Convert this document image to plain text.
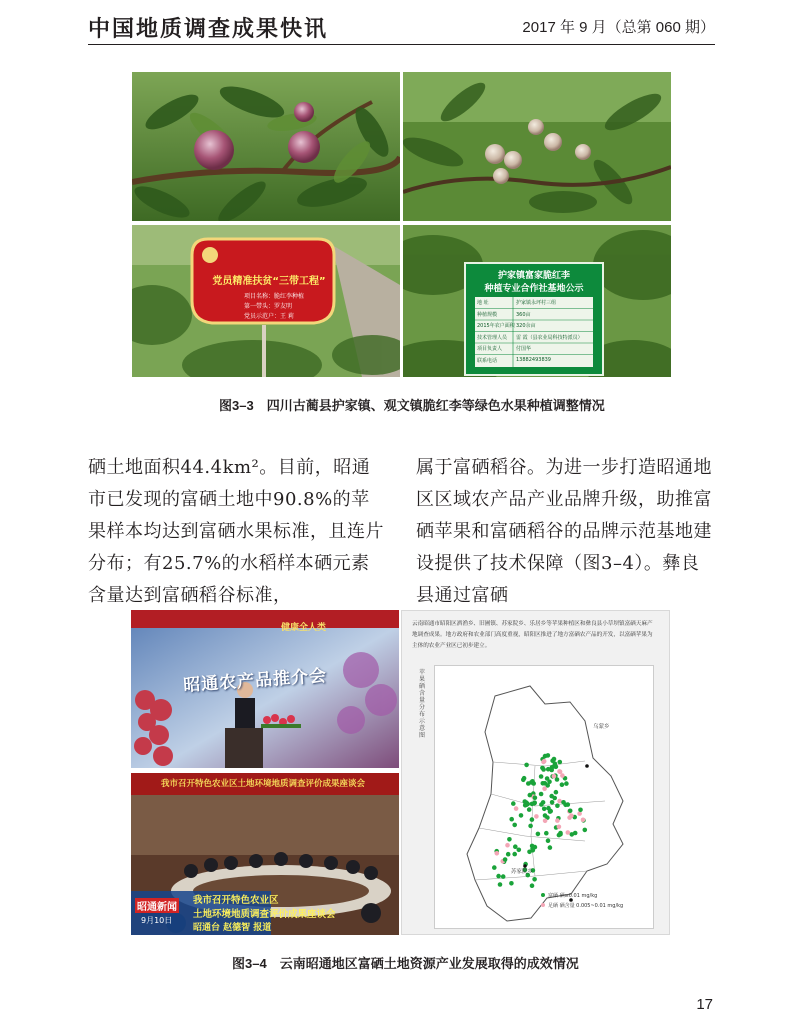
中国地质调查成果快讯	2017 年 9 月（总第 060 期）
党员精准扶贫“三带工程”
项目名称：脆红李种植
第一带头：罗友明
党员示范户：王 莉
护家镇富家脆红李
种植专业合作社基地公示
地 址	护家镇永坪村三组
种植规模	360亩
2015年农户面积 320余亩
技术管理人员 雷 霞（县农业局科技特派员）
项目负责人	付国华
联系电话	13882493839
图3–3　四川古蔺县护家镇、观文镇脆红李等绿色水果种植调整情况

硒土地面积44.4km²。目前，昭通市已发现的富硒土地中90.8%的苹果样本均达到富硒水果标准，且连片分布；有25.7%的水稻样本硒元素含量达到富硒稻谷标准，

属于富硒稻谷。为进一步打造昭通地区区域农产品产业品牌升级，助推富硒苹果和富硒稻谷的品牌示范基地建设提供了技术保障（图3–4）。彝良县通过富硒

健康全人类
昭通农产品推介会
我市召开特色农业区土地环境地质调查评价成果座谈会
昭通新闻
9月10日
我市召开特色农业区
土地环境地质调查评价成果座谈会
昭通台 赵德智 报道
云南昭通市昭阳区洒渔乡、旧圃镇、苏家院乡、乐居乡等苹果种植区和彝良县小草坝镇富硒天麻产地调查成果。地方政府和农业部门高度重视，昭阳区推进了地方富硒农产品的开发，以富硒苹果为主体的农业产业区已初步建立。
乌蒙乡
苏家院乡
富硒 硒≥0.01 mg/kg
足硒 硒含量 0.005~0.01 mg/kg
苹果硒含量分布示意图
图3–4　云南昭通地区富硒土地资源产业发展取得的成效情况
17
